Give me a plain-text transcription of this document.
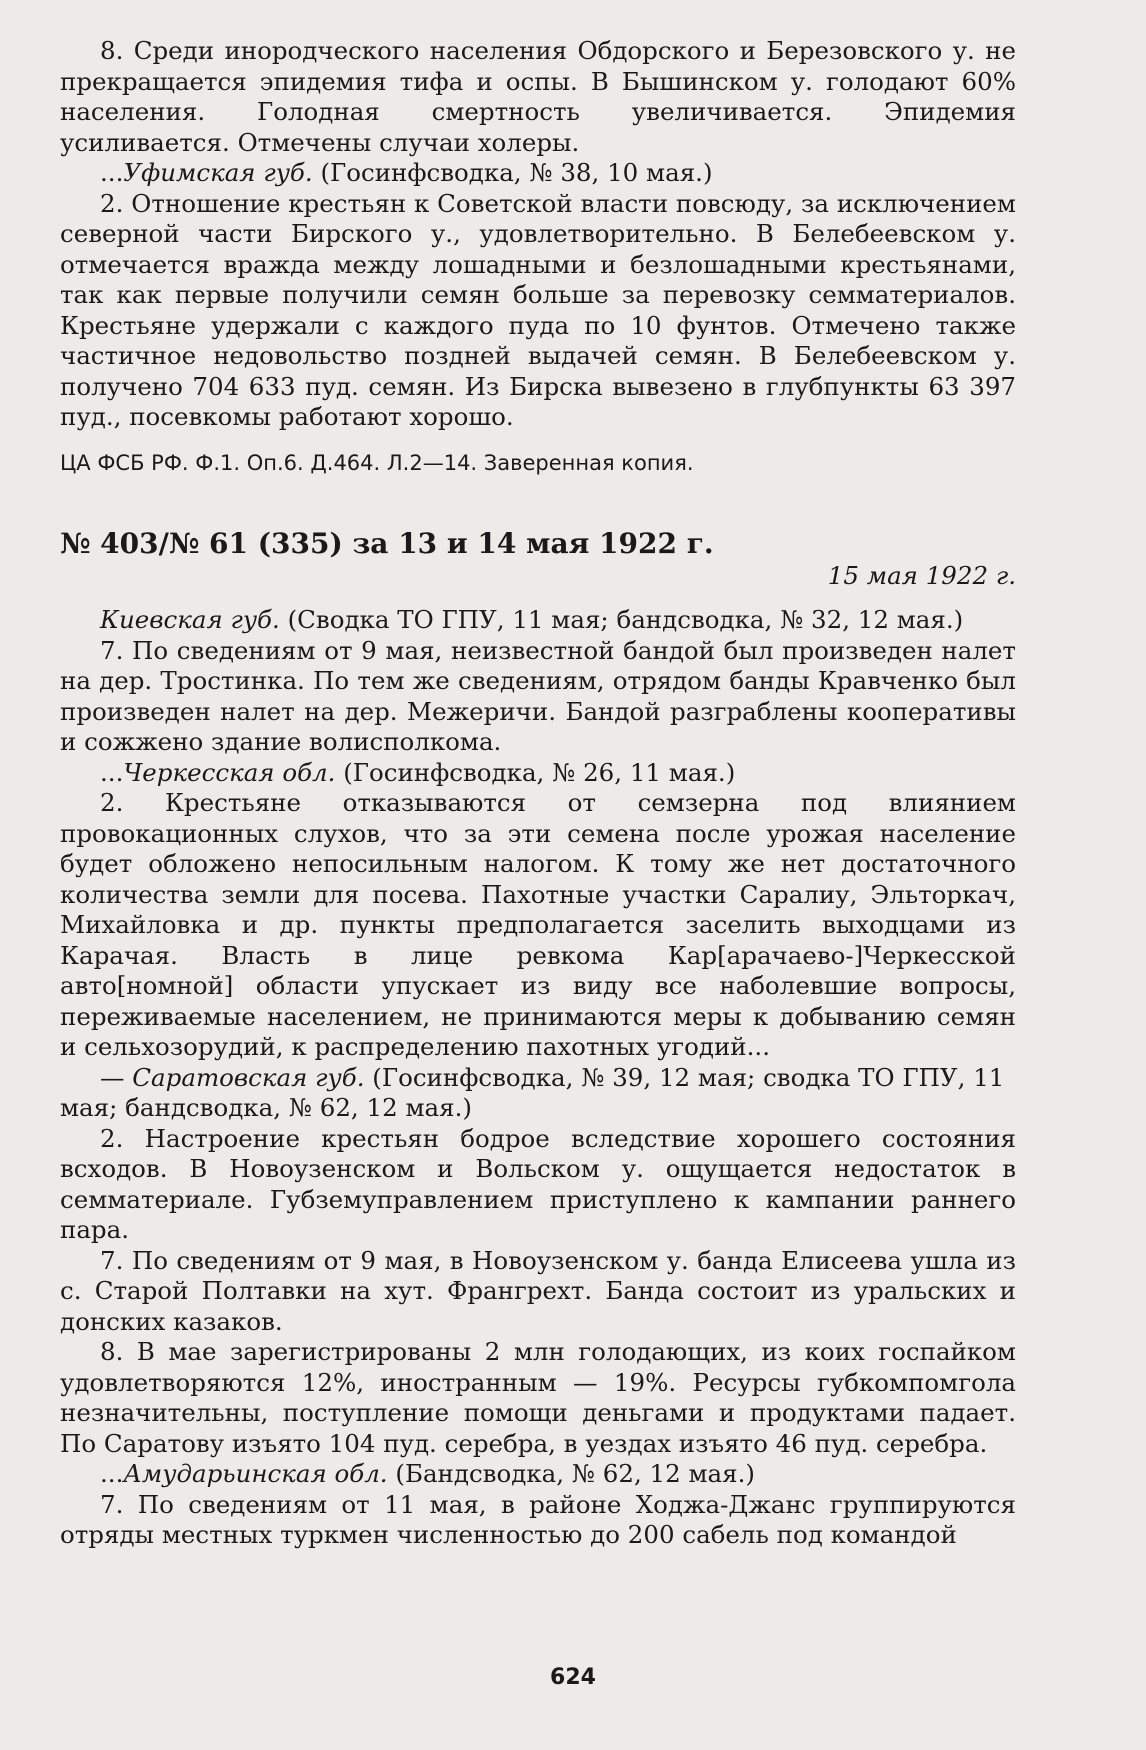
8. Среди инородческого населения Обдорского и Березовского у. не прекращается эпидемия тифа и оспы. В Бышинском у. голодают 60% населения. Голодная смертность увеличивается. Эпидемия усиливается. Отмечены случаи холеры.

...Уфимская губ. (Госинфсводка, № 38, 10 мая.)

2. Отношение крестьян к Советской власти повсюду, за исключением северной части Бирского у., удовлетворительно. В Белебеевском у. отмечается вражда между лошадными и безлошадными крестьянами, так как первые получили семян больше за перевозку семматериалов. Крестьяне удержали с каждого пуда по 10 фунтов. Отмечено также частичное недовольство поздней выдачей семян. В Белебеевском у. получено 704 633 пуд. семян. Из Бирска вывезено в глубпункты 63 397 пуд., посевкомы работают хорошо.

ЦА ФСБ РФ. Ф.1. Оп.6. Д.464. Л.2—14. Заверенная копия.

№ 403/№ 61 (335) за 13 и 14 мая 1922 г.

15 мая 1922 г.

Киевская губ. (Сводка ТО ГПУ, 11 мая; бандсводка, № 32, 12 мая.)

7. По сведениям от 9 мая, неизвестной бандой был произведен налет на дер. Тростинка. По тем же сведениям, отрядом банды Кравченко был произведен налет на дер. Межеричи. Бандой разграблены кооперативы и сожжено здание волисполкома.

...Черкесская обл. (Госинфсводка, № 26, 11 мая.)

2. Крестьяне отказываются от семзерна под влиянием провокационных слухов, что за эти семена после урожая население будет обложено непосильным налогом. К тому же нет достаточного количества земли для посева. Пахотные участки Саралиу, Эльторкач, Михайловка и др. пункты предполагается заселить выходцами из Карачая. Власть в лице ревкома Кар[арачаево-]Черкесской авто[номной] области упускает из виду все наболевшие вопросы, переживаемые населением, не принимаются меры к добыванию семян и сельхозорудий, к распределению пахотных угодий...

— Саратовская губ. (Госинфсводка, № 39, 12 мая; сводка ТО ГПУ, 11 мая; бандсводка, № 62, 12 мая.)

2. Настроение крестьян бодрое вследствие хорошего состояния всходов. В Новоузенском и Вольском у. ощущается недостаток в семматериале. Губземуправлением приступлено к кампании раннего пара.

7. По сведениям от 9 мая, в Новоузенском у. банда Елисеева ушла из с. Старой Полтавки на хут. Франгрехт. Банда состоит из уральских и донских казаков.

8. В мае зарегистрированы 2 млн голодающих, из коих госпайком удовлетворяются 12%, иностранным — 19%. Ресурсы губкомпомгола незначительны, поступление помощи деньгами и продуктами падает. По Саратову изъято 104 пуд. серебра, в уездах изъято 46 пуд. серебра.

...Амударьинская обл. (Бандсводка, № 62, 12 мая.)

7. По сведениям от 11 мая, в районе Ходжа-Джанс группируются отряды местных туркмен численностью до 200 сабель под командой

624
